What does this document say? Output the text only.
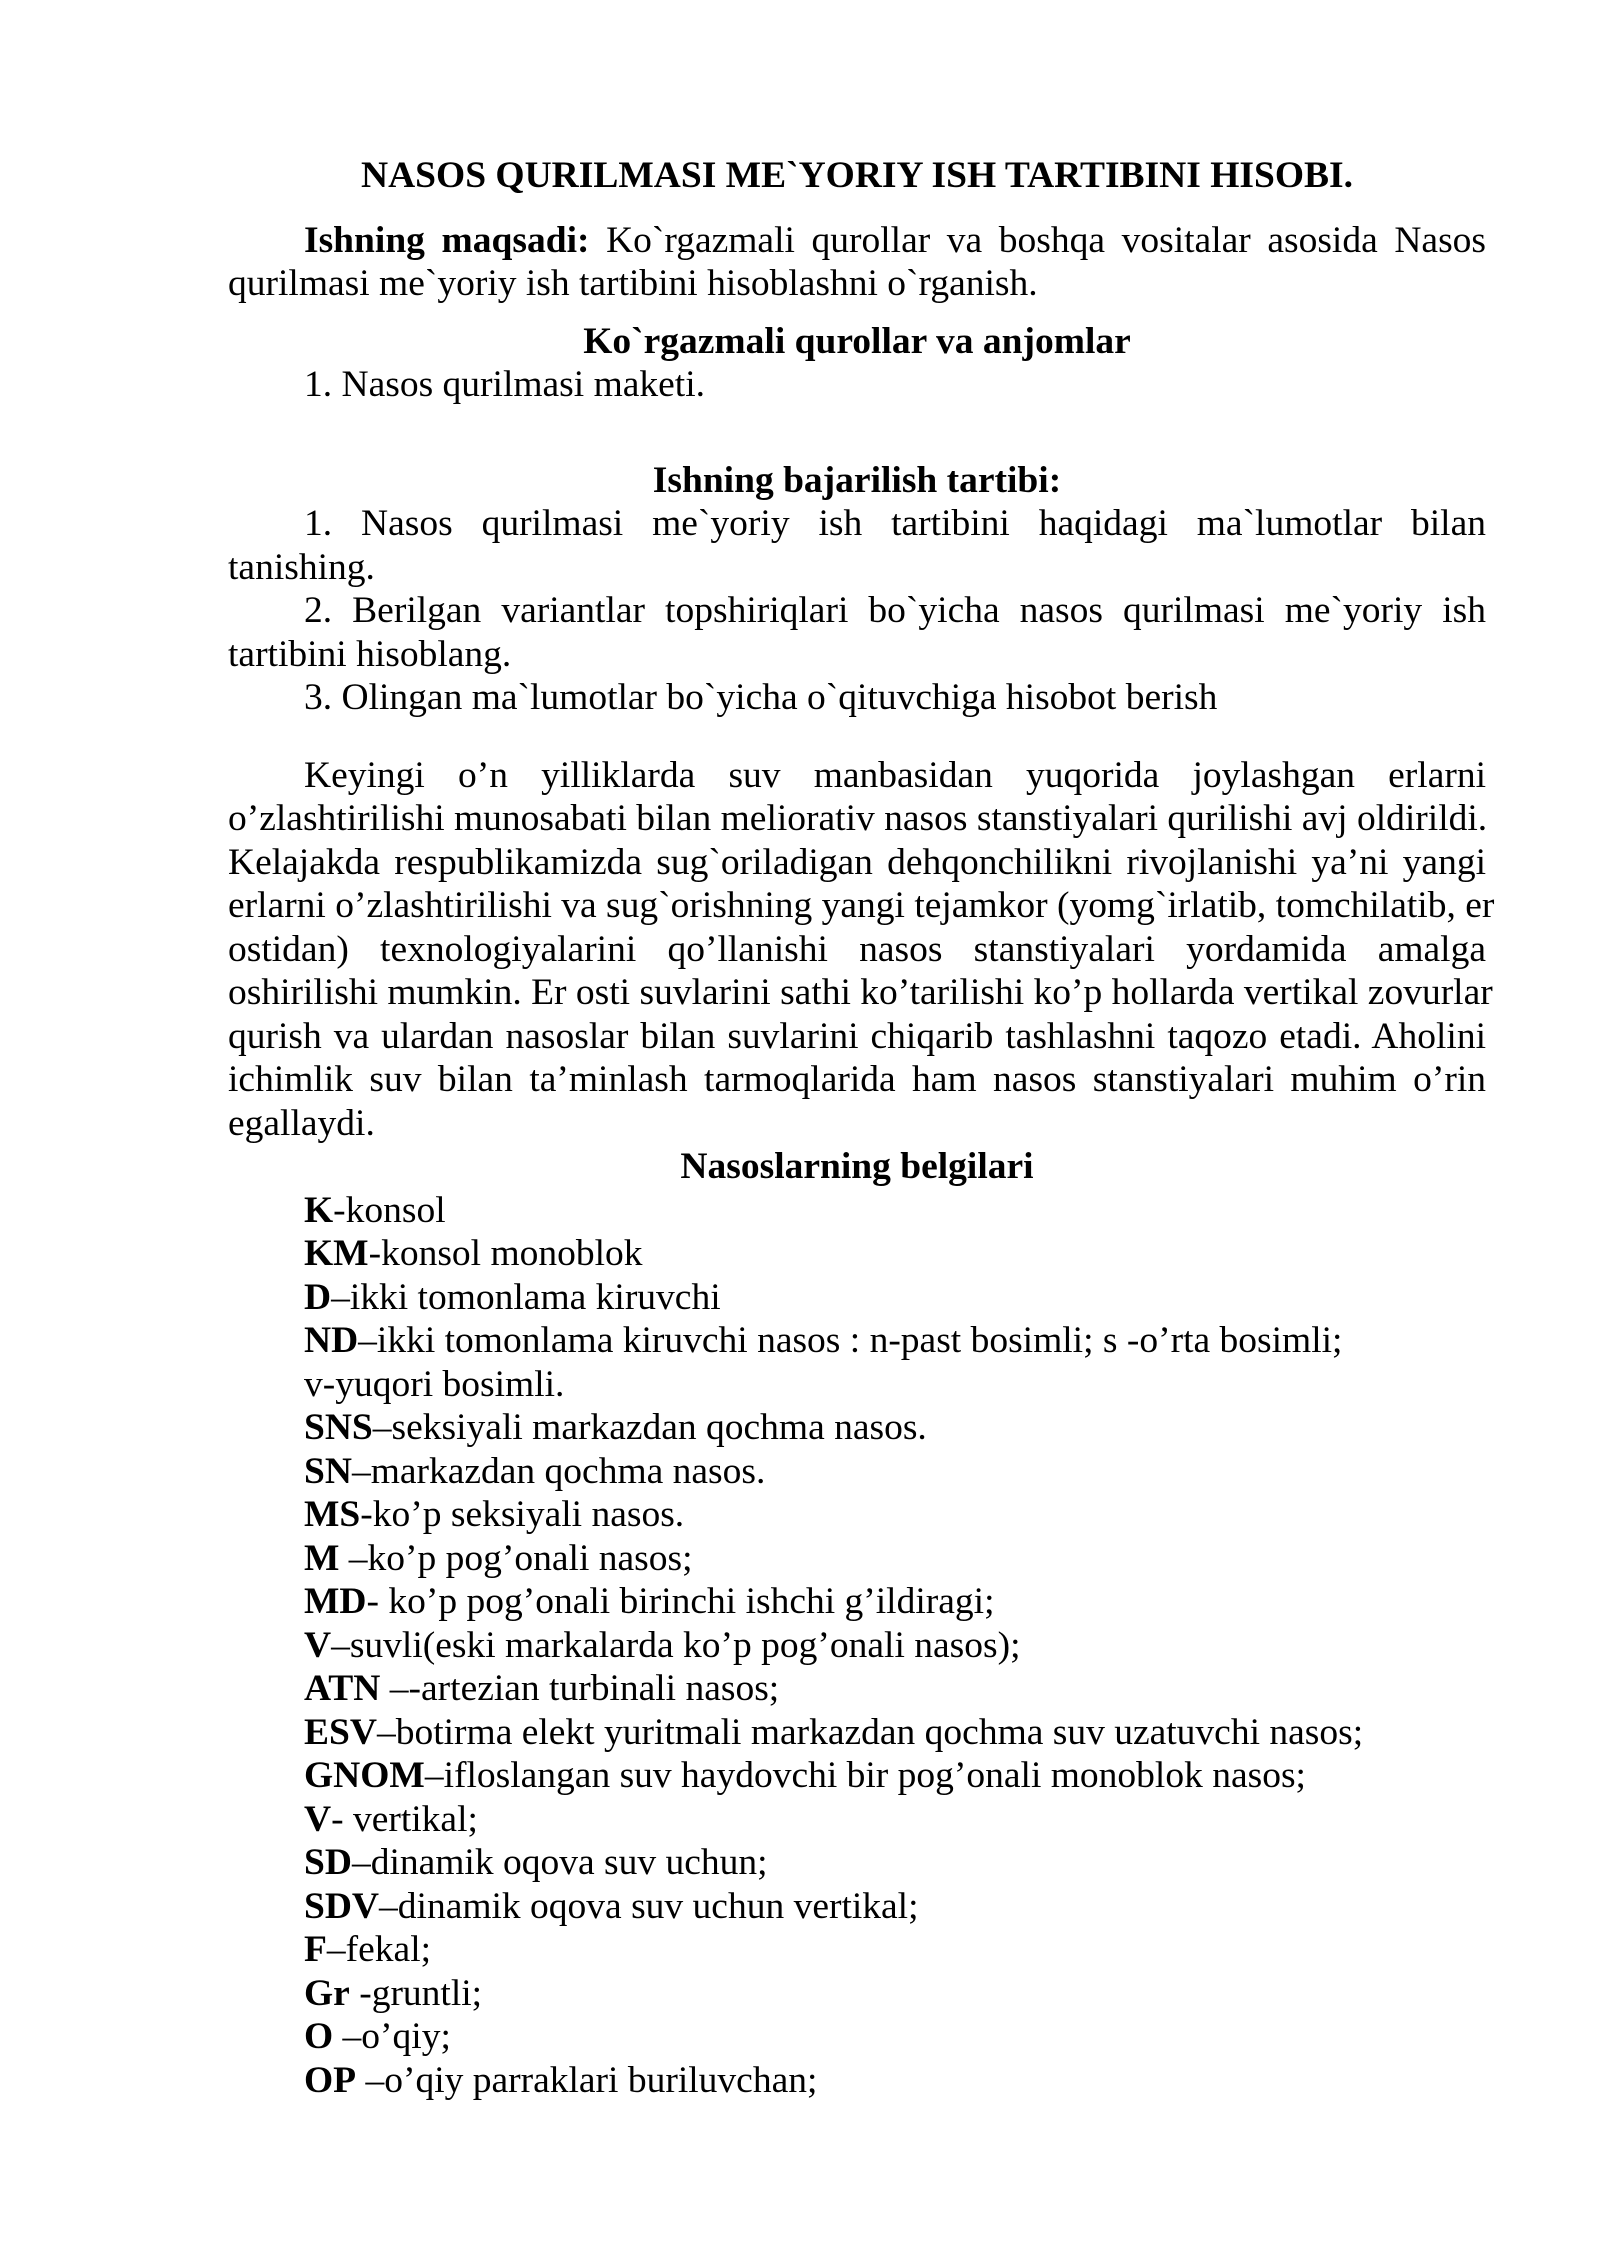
NASOS QURILMASI ME`YORIY ISH TARTIBINI HISOBI.
Ishning maqsadi: Ko`rgazmali qurollar va boshqa vositalar asosida Nasos
qurilmasi me`yoriy ish tartibini hisoblashni o`rganish.
Ko`rgazmali qurollar va anjomlar
1. Nasos qurilmasi maketi.
Ishning bajarilish tartibi:
1. Nasos qurilmasi me`yoriy ish tartibini haqidagi ma`lumotlar bilan
tanishing.
2. Berilgan variantlar topshiriqlari bo`yicha nasos qurilmasi me`yoriy ish
tartibini hisoblang.
3. Olingan ma`lumotlar bo`yicha o`qituvchiga hisobot berish
Keyingi o’n yilliklarda suv manbasidan yuqorida joylashgan erlarni
o’zlashtirilishi munosabati bilan meliorativ nasos stanstiyalari qurilishi avj oldirildi.
Kelajakda respublikamizda sug`oriladigan dehqonchilikni rivojlanishi ya’ni yangi
erlarni o’zlashtirilishi va sug`orishning yangi tejamkor (yomg`irlatib, tomchilatib, er
ostidan) texnologiyalarini qo’llanishi nasos stanstiyalari yordamida amalga
oshirilishi mumkin. Er osti suvlarini sathi ko’tarilishi ko’p hollarda vertikal zovurlar
qurish va ulardan nasoslar bilan suvlarini chiqarib tashlashni taqozo etadi. Aholini
ichimlik suv bilan ta’minlash tarmoqlarida ham nasos stanstiyalari muhim o’rin
egallaydi.
Nasoslarning belgilari
K-konsol
KM-konsol monoblok
D–ikki tomonlama kiruvchi
ND–ikki tomonlama kiruvchi nasos : n-past bosimli; s -o’rta bosimli;
v-yuqori bosimli.
SNS–seksiyali markazdan qochma nasos.
SN–markazdan qochma nasos.
MS-ko’p seksiyali nasos.
M –ko’p pog’onali nasos;
MD- ko’p pog’onali birinchi ishchi g’ildiragi;
V–suvli(eski markalarda ko’p pog’onali nasos);
ATN –-artezian turbinali nasos;
ESV–botirma elekt yuritmali markazdan qochma suv uzatuvchi nasos;
GNOM–ifloslangan suv haydovchi bir pog’onali monoblok nasos;
V- vertikal;
SD–dinamik oqova suv uchun;
SDV–dinamik oqova suv uchun vertikal;
F–fekal;
Gr -gruntli;
O –o’qiy;
OP –o’qiy parraklari buriluvchan;
